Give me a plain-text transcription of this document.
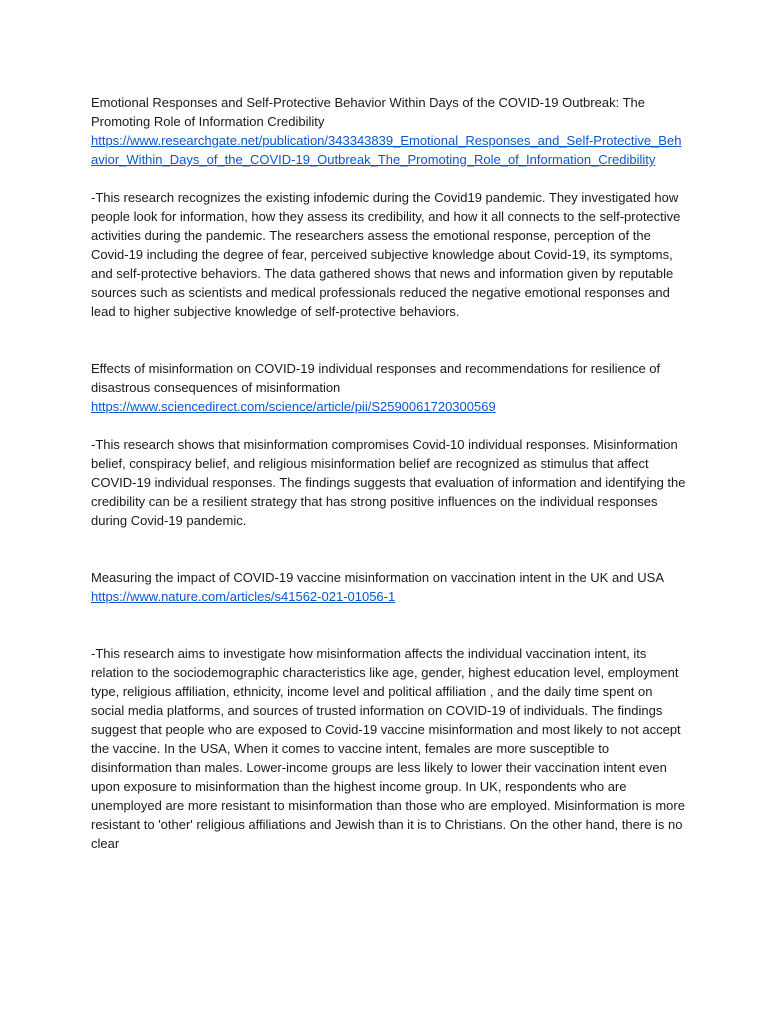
Emotional Responses and Self-Protective Behavior Within Days of the COVID-19 Outbreak: The Promoting Role of Information Credibility

https://www.researchgate.net/publication/343343839_Emotional_Responses_and_Self-Protective_Behavior_Within_Days_of_the_COVID-19_Outbreak_The_Promoting_Role_of_Information_Credibility

-This research recognizes the existing infodemic during the Covid19 pandemic. They investigated how people look for information, how they assess its credibility, and how it all connects to the self-protective activities during the pandemic. The researchers assess the emotional response, perception of the Covid-19 including the degree of fear, perceived subjective knowledge about Covid-19, its symptoms, and self-protective behaviors. The data gathered shows that news and information given by reputable sources such as scientists and medical professionals reduced the negative emotional responses and lead to higher subjective knowledge of self-protective behaviors.

Effects of misinformation on COVID-19 individual responses and recommendations for resilience of disastrous consequences of misinformation

https://www.sciencedirect.com/science/article/pii/S2590061720300569

-This research shows that misinformation compromises Covid-10 individual responses. Misinformation belief, conspiracy belief, and religious misinformation belief are recognized as stimulus that affect COVID-19 individual responses. The findings suggests that evaluation of information and identifying the credibility can be a resilient strategy that has strong positive influences on the individual responses during Covid-19 pandemic.

Measuring the impact of COVID-19 vaccine misinformation on vaccination intent in the UK and USA

https://www.nature.com/articles/s41562-021-01056-1

-This research aims to investigate how misinformation affects the individual vaccination intent, its relation to the sociodemographic characteristics like age, gender, highest education level, employment type, religious affiliation, ethnicity, income level and political affiliation , and the daily time spent on social media platforms, and sources of trusted information on COVID-19 of individuals. The findings suggest that people who are exposed to Covid-19 vaccine misinformation and most likely to not accept the vaccine. In the USA, When it comes to vaccine intent, females are more susceptible to disinformation than males. Lower-income groups are less likely to lower their vaccination intent even upon exposure to misinformation than the highest income group. In UK, respondents who are unemployed are more resistant to misinformation than those who are employed. Misinformation is more resistant to 'other' religious affiliations and Jewish than it is to Christians. On the other hand, there is no clear
